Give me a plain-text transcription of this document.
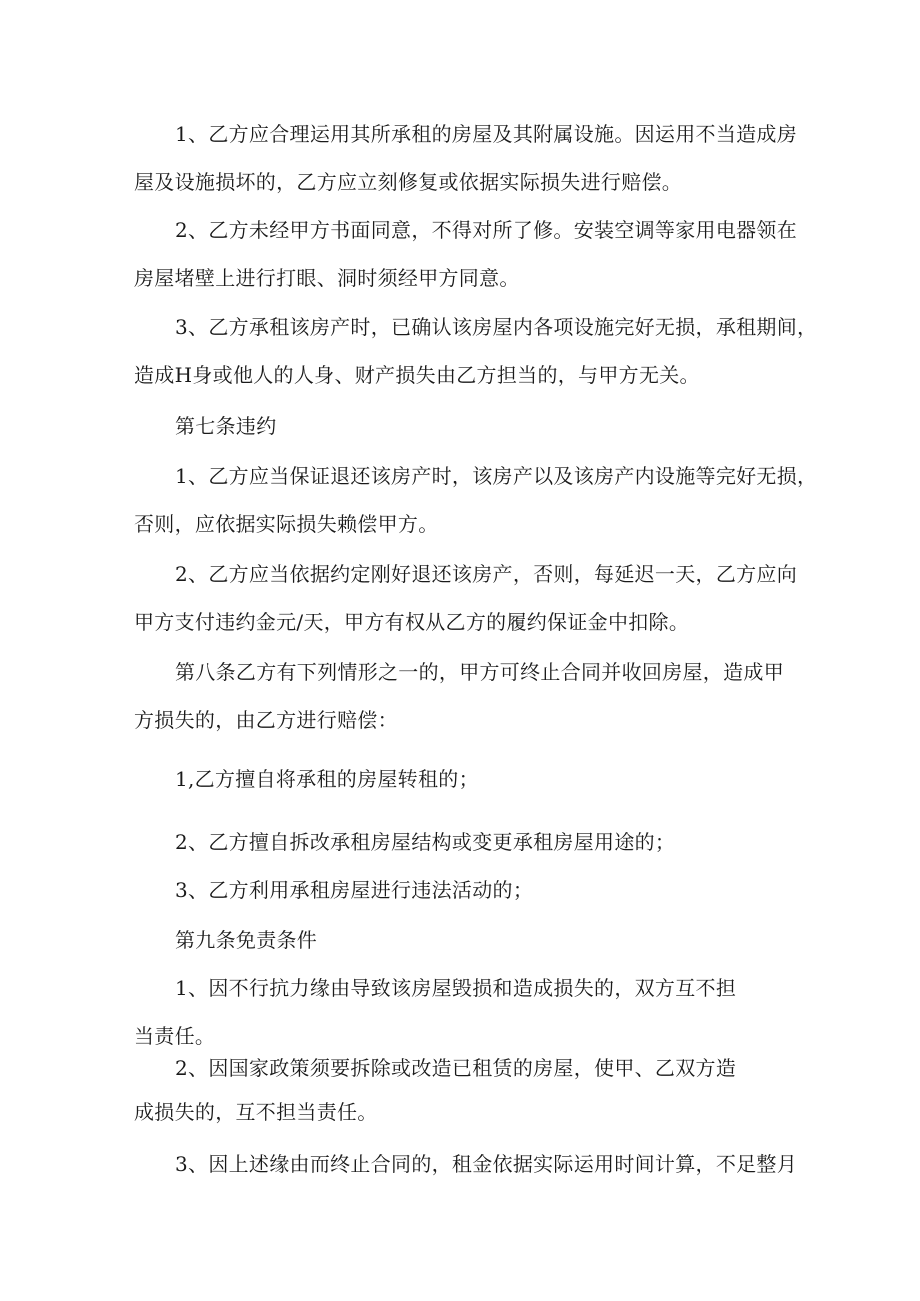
1、乙方应合理运用其所承租的房屋及其附属设施。因运用不当造成房
屋及设施损坏的，乙方应立刻修复或依据实际损失进行赔偿。
2、乙方未经甲方书面同意，不得对所了修。安装空调等家用电器领在
房屋堵壁上进行打眼、洞时须经甲方同意。
3、乙方承租该房产时，已确认该房屋内各项设施完好无损，承租期间，
造成H身或他人的人身、财产损失由乙方担当的，与甲方无关。
第七条违约
1、乙方应当保证退还该房产时，该房产以及该房产内设施等完好无损，
否则，应依据实际损失赖偿甲方。
2、乙方应当依据约定刚好退还该房产，否则，每延迟一天，乙方应向
甲方支付违约金元/天，甲方有权从乙方的履约保证金中扣除。
第八条乙方有下列情形之一的，甲方可终止合同并收回房屋，造成甲
方损失的，由乙方进行赔偿：
1,乙方擅自将承租的房屋转租的；
2、乙方擅自拆改承租房屋结构或变更承租房屋用途的；
3、乙方利用承租房屋进行违法活动的；
第九条免责条件
1、因不行抗力缘由导致该房屋毁损和造成损失的，双方互不担
当责任。
2、因国家政策须要拆除或改造已租赁的房屋，使甲、乙双方造
成损失的，互不担当责任。
3、因上述缘由而终止合同的，租金依据实际运用时间计算，不足整月
